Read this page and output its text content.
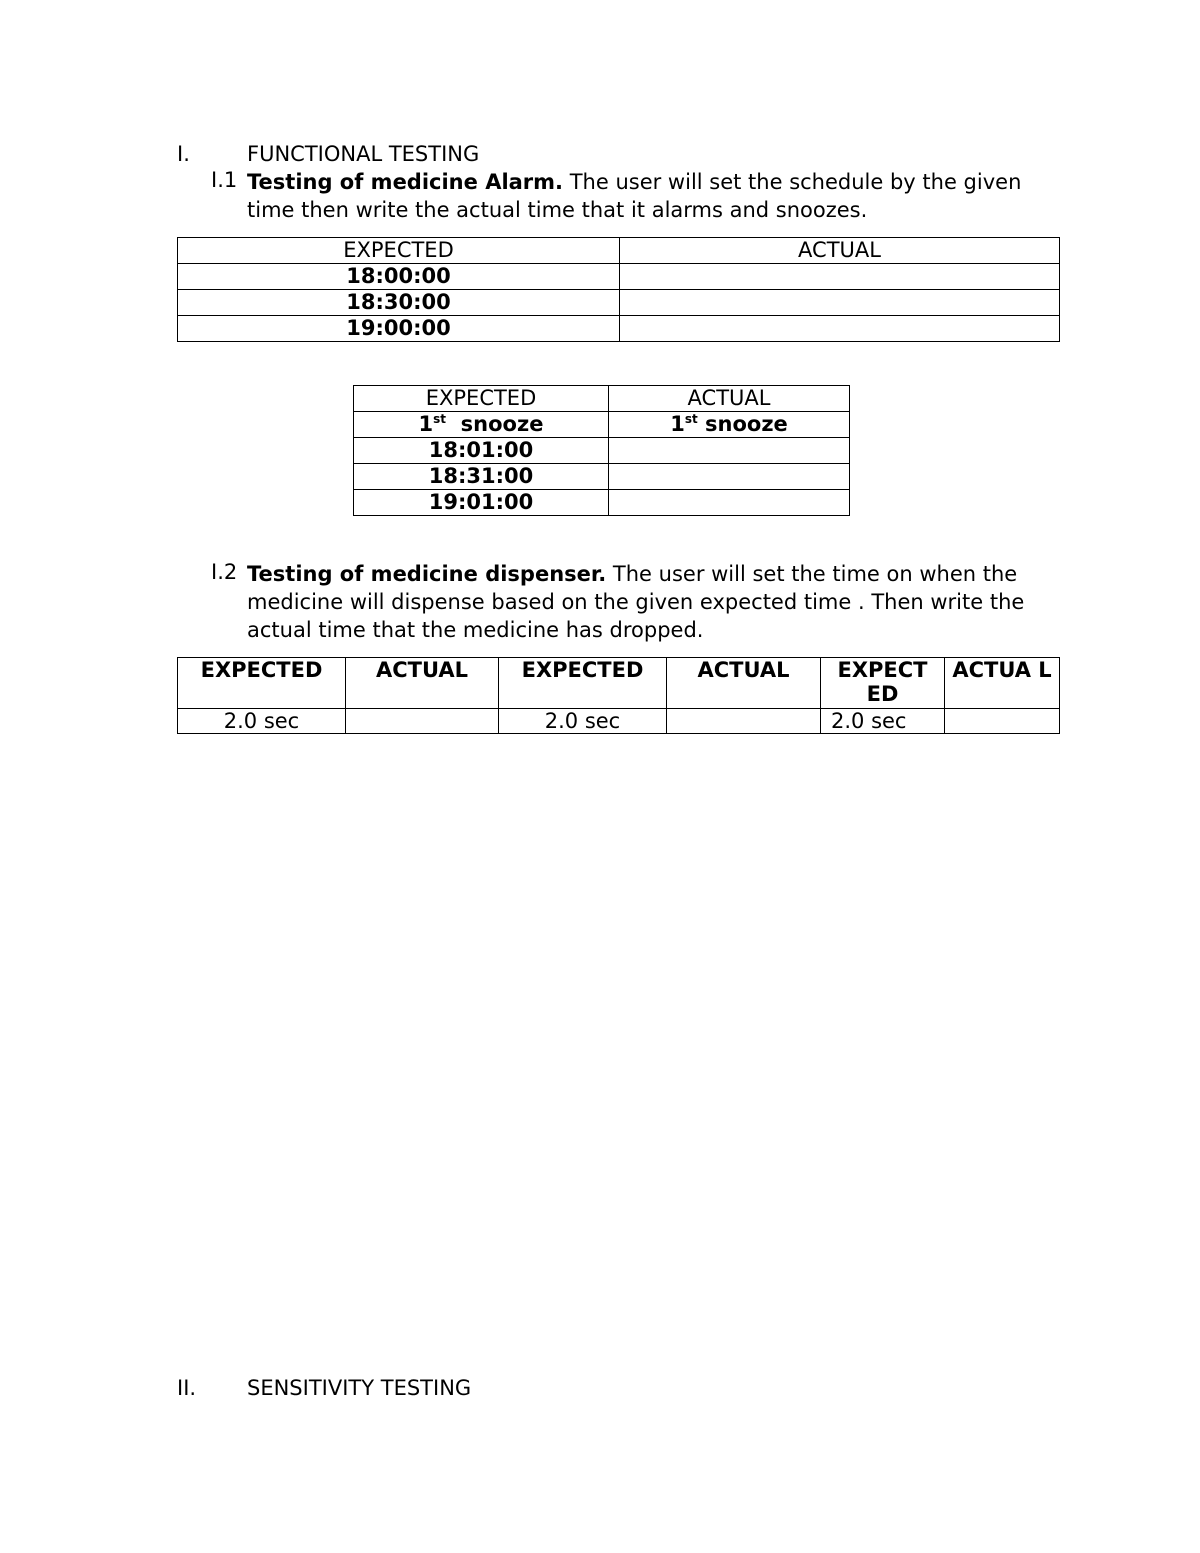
I.	FUNCTIONAL TESTING
I.1 Testing of medicine Alarm. The user will set the schedule by the given time then write the actual time that it alarms and snoozes.

EXPECTED	ACTUAL
18:00:00	
18:30:00	
19:00:00	
EXPECTED	ACTUAL
1st snooze	1st snooze
18:01:00	
18:31:00	
19:01:00	
I.2 Testing of medicine dispenser. The user will set the time on when the medicine will dispense based on the given expected time . Then write the actual time that the medicine has dropped.

EXPECTED	ACTUAL	EXPECTED	ACTUAL	EXPECT ED	ACTUA L
2.0 sec		2.0 sec		2.0 sec	
II. SENSITIVITY TESTING
